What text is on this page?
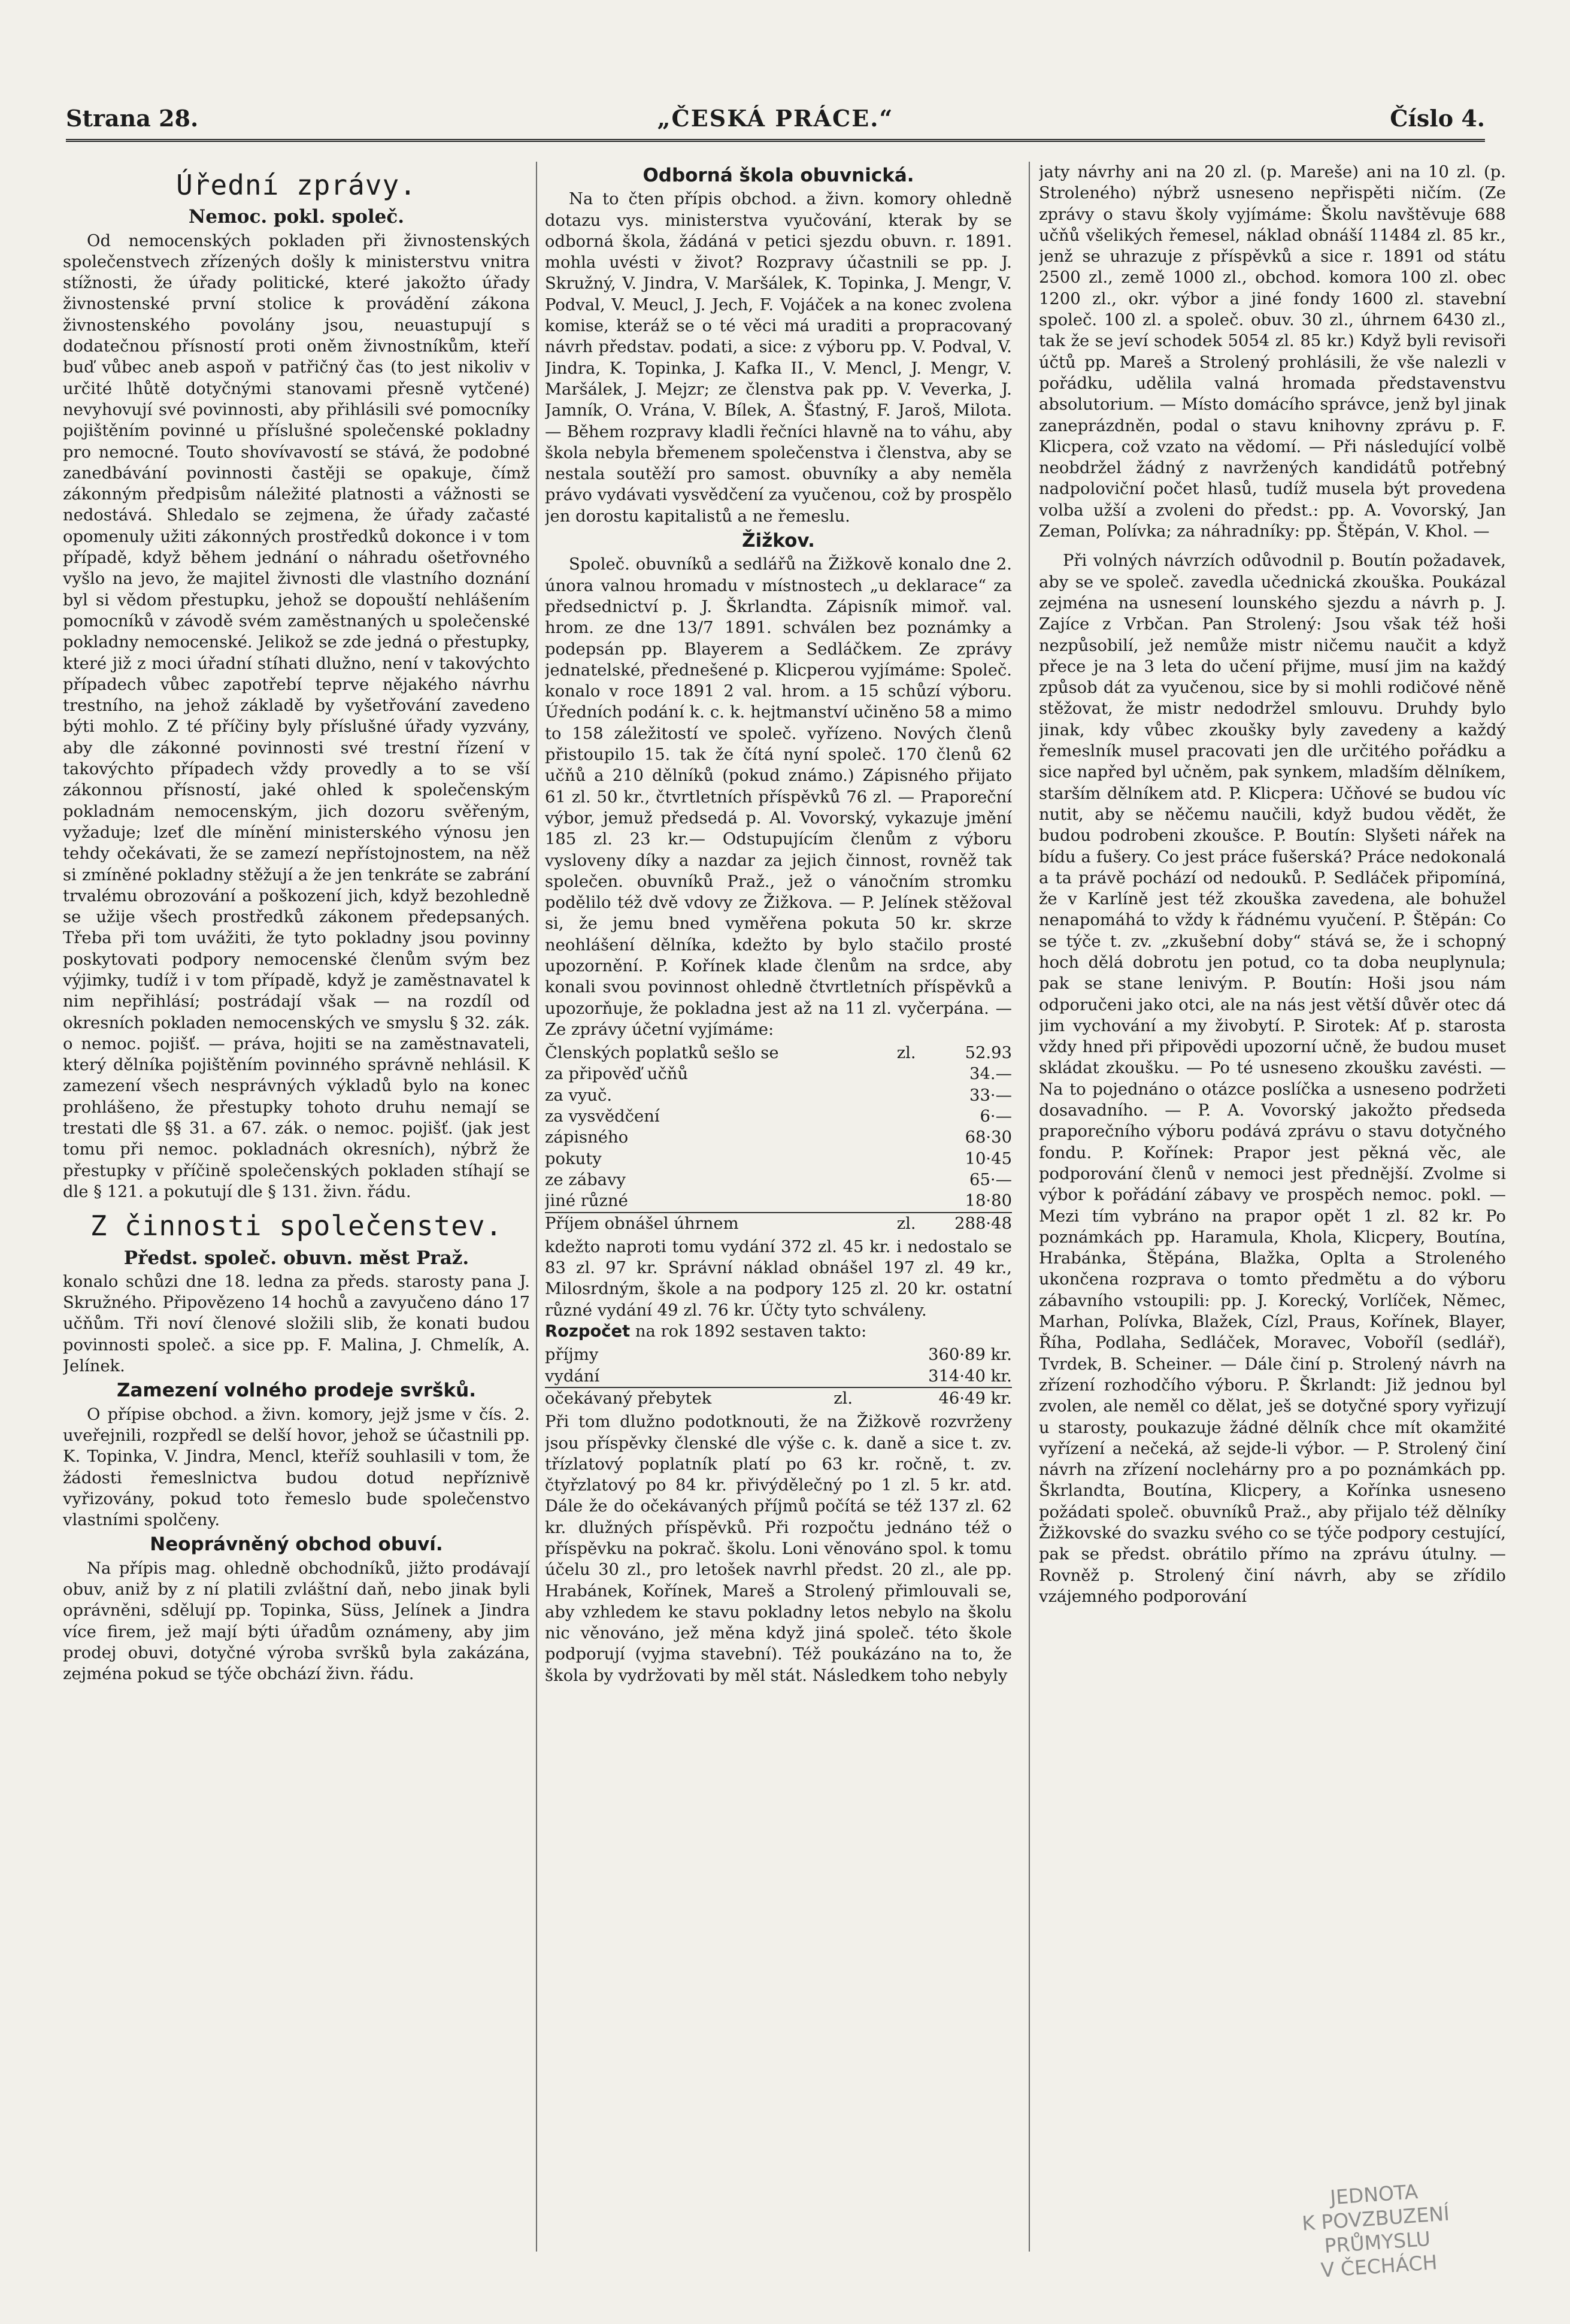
Strana 28.	„ČESKÁ PRÁCE.“	Číslo 4.
Úřední zprávy.
Nemoc. pokl. společ.

Od nemocenských pokladen při živnostenských společenstvech zřízených došly k ministerstvu vnitra stížnosti, že úřady politické, které jakožto úřady živnostenské první stolice k provádění zákona živnostenského povolány jsou, neuastupují s dodatečnou přísností proti oněm živnostníkům, kteří buď vůbec aneb aspoň v patřičný čas (to jest nikoliv v určité lhůtě dotyčnými stanovami přesně vytčené) nevyhovují své povinnosti, aby přihlásili své pomocníky pojištěním povinné u příslušné společenské pokladny pro nemocné. Touto shovívavostí se stává, že podobné zanedbávání povinnosti častěji se opakuje, čímž zákonným předpisům náležité platnosti a vážnosti se nedostává. Shledalo se zejmena, že úřady začasté opomenuly užiti zákonných prostředků dokonce i v tom případě, když během jednání o náhradu ošetřovného vyšlo na jevo, že majitel živnosti dle vlastního doznání byl si vědom přestupku, jehož se dopouští nehlášením pomocníků v závodě svém zaměstnaných u společenské pokladny nemocenské. Jelikož se zde jedná o přestupky, které již z moci úřadní stíhati dlužno, není v takovýchto případech vůbec zapotřebí teprve nějakého návrhu trestního, na jehož základě by vyšetřování zavedeno býti mohlo. Z té příčiny byly příslušné úřady vyzvány, aby dle zákonné povinnosti své trestní řízení v takovýchto případech vždy provedly a to se vší zákonnou přísností, jaké ohled k společenským pokladnám nemocenským, jich dozoru svěřeným, vyžaduje; lzeť dle mínění ministerského výnosu jen tehdy očekávati, že se zamezí nepřístojnostem, na něž si zmíněné pokladny stěžují a že jen tenkráte se zabrání trvalému obrozování a poškození jich, když bezohledně se užije všech prostředků zákonem předepsaných. Třeba při tom uvážiti, že tyto pokladny jsou povinny poskytovati podpory nemocenské členům svým bez výjimky, tudíž i v tom případě, když je zaměstnavatel k nim nepřihlásí; postrádají však — na rozdíl od okresních pokladen nemocenských ve smyslu § 32. zák. o nemoc. pojišť. — práva, hojiti se na zaměstnavateli, který dělníka pojištěním povinného správně nehlásil. K zamezení všech nesprávných výkladů bylo na konec prohlášeno, že přestupky tohoto druhu nemají se trestati dle §§ 31. a 67. zák. o nemoc. pojišť. (jak jest tomu při nemoc. pokladnách okresních), nýbrž že přestupky v příčině společenských pokladen stíhají se dle § 121. a pokutují dle § 131. živn. řádu.

Z činnosti společenstev.
Předst. společ. obuvn. měst Praž.

konalo schůzi dne 18. ledna za předs. starosty pana J. Skružného. Připovězeno 14 hochů a zavyučeno dáno 17 učňům. Tři noví členové složili slib, že konati budou povinnosti společ. a sice pp. F. Malina, J. Chmelík, A. Jelínek.

Zamezení volného prodeje svršků.

O přípise obchod. a živn. komory, jejž jsme v čís. 2. uveřejnili, rozpředl se delší hovor, jehož se účastnili pp. K. Topinka, V. Jindra, Mencl, kteříž souhlasili v tom, že žádosti řemeslnictva budou dotud nepříznivě vyřizovány, pokud toto řemeslo bude společenstvo vlastními spolčeny.

Neoprávněný obchod obuví.

Na přípis mag. ohledně obchodníků, jižto prodávají obuv, aniž by z ní platili zvláštní daň, nebo jinak byli oprávněni, sdělují pp. Topinka, Süss, Jelínek a Jindra více firem, jež mají býti úřadům oznámeny, aby jim prodej obuvi, dotyčné výroba svršků byla zakázána, zejména pokud se týče obchází živn. řádu.

Odborná škola obuvnická.

Na to čten přípis obchod. a živn. komory ohledně dotazu vys. ministerstva vyučování, kterak by se odborná škola, žádáná v petici sjezdu obuvn. r. 1891. mohla uvésti v život? Rozpravy účastnili se pp. J. Skružný, V. Jindra, V. Maršálek, K. Topinka, J. Mengr, V. Podval, V. Meucl, J. Jech, F. Vojáček a na konec zvolena komise, kteráž se o té věci má uraditi a propracovaný návrh představ. podati, a sice: z výboru pp. V. Podval, V. Jindra, K. Topinka, J. Kafka II., V. Mencl, J. Mengr, V. Maršálek, J. Mejzr; ze členstva pak pp. V. Veverka, J. Jamník, O. Vrána, V. Bílek, A. Šťastný, F. Jaroš, Milota. — Během rozpravy kladli řečníci hlavně na to váhu, aby škola nebyla břemenem společenstva i členstva, aby se nestala soutěží pro samost. obuvníky a aby neměla právo vydávati vysvědčení za vyučenou, což by prospělo jen dorostu kapitalistů a ne řemeslu.

Žižkov.

Společ. obuvníků a sedlářů na Žižkově konalo dne 2. února valnou hromadu v místnostech „u deklarace“ za předsednictví p. J. Škrlandta. Zápisník mimoř. val. hrom. ze dne 13/7 1891. schválen bez poznámky a podepsán pp. Blayerem a Sedláčkem. Ze zprávy jednatelské, přednešené p. Klicperou vyjímáme: Společ. konalo v roce 1891 2 val. hrom. a 15 schůzí výboru. Úředních podání k. c. k. hejtmanství učiněno 58 a mimo to 158 záležitostí ve společ. vyřízeno. Nových členů přistoupilo 15. tak že čítá nyní společ. 170 členů 62 učňů a 210 dělníků (pokud známo.) Zápisného přijato 61 zl. 50 kr., čtvrtletních příspěvků 76 zl. — Praporeční výbor, jemuž předsedá p. Al. Vovorský, vykazuje jmění 185 zl. 23 kr.— Odstupujícím členům z výboru vysloveny díky a nazdar za jejich činnost, rovněž tak společen. obuvníků Praž., jež o vánočním stromku podělilo též dvě vdovy ze Žižkova. — P. Jelínek stěžoval si, že jemu bned vyměřena pokuta 50 kr. skrze neohlášení dělníka, kdežto by bylo stačilo prosté upozornění. P. Kořínek klade členům na srdce, aby konali svou povinnost ohledně čtvrtletních příspěvků a upozorňuje, že pokladna jest až na 11 zl. vyčerpána. — Ze zprávy účetní vyjímáme:

Členských poplatků sešlo se	zl.	52.93
za připověď učňů		34.—
za vyuč.		33·—
za vysvědčení		6·—
zápisného		68·30
pokuty		10·45
ze zábavy		65·—
jiné různé		18·80
Příjem obnášel úhrnem	zl.	288·48

kdežto naproti tomu vydání 372 zl. 45 kr. i nedostalo se 83 zl. 97 kr. Správní náklad obnášel 197 zl. 49 kr., Milosrdným, škole a na podpory 125 zl. 20 kr. ostatní různé vydání 49 zl. 76 kr. Účty tyto schváleny.

Rozpočet na rok 1892 sestaven takto:

příjmy		360·89 kr.
vydání		314·40 kr.
očekávaný přebytek	zl.	46·49 kr.

Při tom dlužno podotknouti, že na Žižkově rozvrženy jsou příspěvky členské dle výše c. k. daně a sice t. zv. třízlatový poplatník platí po 63 kr. ročně, t. zv. čtyřzlatový po 84 kr. přivýdělečný po 1 zl. 5 kr. atd. Dále že do očekávaných příjmů počítá se též 137 zl. 62 kr. dlužných příspěvků. Při rozpočtu jednáno též o příspěvku na pokrač. školu. Loni věnováno spol. k tomu účelu 30 zl., pro letošek navrhl předst. 20 zl., ale pp. Hrabánek, Kořínek, Mareš a Strolený přimlouvali se, aby vzhledem ke stavu pokladny letos nebylo na školu nic věnováno, jež měna když jiná společ. této škole podporují (vyjma stavební). Též poukázáno na to, že škola by vydržovati by měl stát. Následkem toho nebyly

jaty návrhy ani na 20 zl. (p. Mareše) ani na 10 zl. (p. Stroleného) nýbrž usneseno nepřispěti ničím. (Ze zprávy o stavu školy vyjímáme: Školu navštěvuje 688 učňů všelikých řemesel, náklad obnáší 11484 zl. 85 kr., jenž se uhrazuje z příspěvků a sice r. 1891 od státu 2500 zl., země 1000 zl., obchod. komora 100 zl. obec 1200 zl., okr. výbor a jiné fondy 1600 zl. stavební společ. 100 zl. a společ. obuv. 30 zl., úhrnem 6430 zl., tak že se jeví schodek 5054 zl. 85 kr.) Když byli revisoři účtů pp. Mareš a Strolený prohlásili, že vše nalezli v pořádku, udělila valná hromada představenstvu absolutorium. — Místo domácího správce, jenž byl jinak zaneprázdněn, podal o stavu knihovny zprávu p. F. Klicpera, což vzato na vědomí. — Při následující volbě neobdržel žádný z navržených kandidátů potřebný nadpoloviční počet hlasů, tudíž musela být provedena volba užší a zvoleni do předst.: pp. A. Vovorský, Jan Zeman, Polívka; za náhradníky: pp. Štěpán, V. Khol. —

Při volných návrzích odůvodnil p. Boutín požadavek, aby se ve společ. zavedla učednická zkouška. Poukázal zejména na usnesení lounského sjezdu a návrh p. J. Zajíce z Vrbčan. Pan Strolený: Jsou však též hoši nezpůsobilí, jež nemůže mistr ničemu naučit a když přece je na 3 leta do učení přijme, musí jim na každý způsob dát za vyučenou, sice by si mohli rodičové něně stěžovat, že mistr nedodržel smlouvu. Druhdy bylo jinak, kdy vůbec zkoušky byly zavedeny a každý řemeslník musel pracovati jen dle určitého pořádku a sice napřed byl učněm, pak synkem, mladším dělníkem, starším dělníkem atd. P. Klicpera: Učňové se budou víc nutit, aby se něčemu naučili, když budou vědět, že budou podrobeni zkoušce. P. Boutín: Slyšeti nářek na bídu a fušery. Co jest práce fušerská? Práce nedokonalá a ta právě pochází od nedouků. P. Sedláček připomíná, že v Karlíně jest též zkouška zavedena, ale bohužel nenapomáhá to vždy k řádnému vyučení. P. Štěpán: Co se týče t. zv. „zkušební doby“ stává se, že i schopný hoch dělá dobrotu jen potud, co ta doba neuplynula; pak se stane lenivým. P. Boutín: Hoši jsou nám odporučeni jako otci, ale na nás jest větší důvěr otec dá jim vychování a my živobytí. P. Sirotek: Ať p. starosta vždy hned při připovědi upozorní učně, že budou muset skládat zkoušku. — Po té usneseno zkoušku zavésti. — Na to pojednáno o otázce poslíčka a usneseno podržeti dosavadního. — P. A. Vovorský jakožto předseda praporečního výboru podává zprávu o stavu dotyčného fondu. P. Kořínek: Prapor jest pěkná věc, ale podporování členů v nemoci jest přednější. Zvolme si výbor k pořádání zábavy ve prospěch nemoc. pokl. — Mezi tím vybráno na prapor opět 1 zl. 82 kr. Po poznámkách pp. Haramula, Khola, Klicpery, Boutína, Hrabánka, Štěpána, Blažka, Oplta a Stroleného ukončena rozprava o tomto předmětu a do výboru zábavního vstoupili: pp. J. Korecký, Vorlíček, Němec, Marhan, Polívka, Blažek, Cízl, Praus, Kořínek, Blayer, Říha, Podlaha, Sedláček, Moravec, Voboříl (sedlář), Tvrdek, B. Scheiner. — Dále činí p. Strolený návrh na zřízení rozhodčího výboru. P. Škrlandt: Již jednou byl zvolen, ale neměl co dělat, ješ se dotyčné spory vyřizují u starosty, poukazuje žádné dělník chce mít okamžité vyřízení a nečeká, až sejde-li výbor. — P. Strolený činí návrh na zřízení noclehárny pro a po poznámkách pp. Škrlandta, Boutína, Klicpery, a Kořínka usneseno požádati společ. obuvníků Praž., aby přijalo též dělníky Žižkovské do svazku svého co se týče podpory cestující, pak se předst. obrátilo přímo na zprávu útulny. — Rovněž p. Strolený činí návrh, aby se zřídilo vzájemného podporování

JEDNOTA
K POVZBUZENÍ
PRŮMYSLU
V ČECHÁCH
